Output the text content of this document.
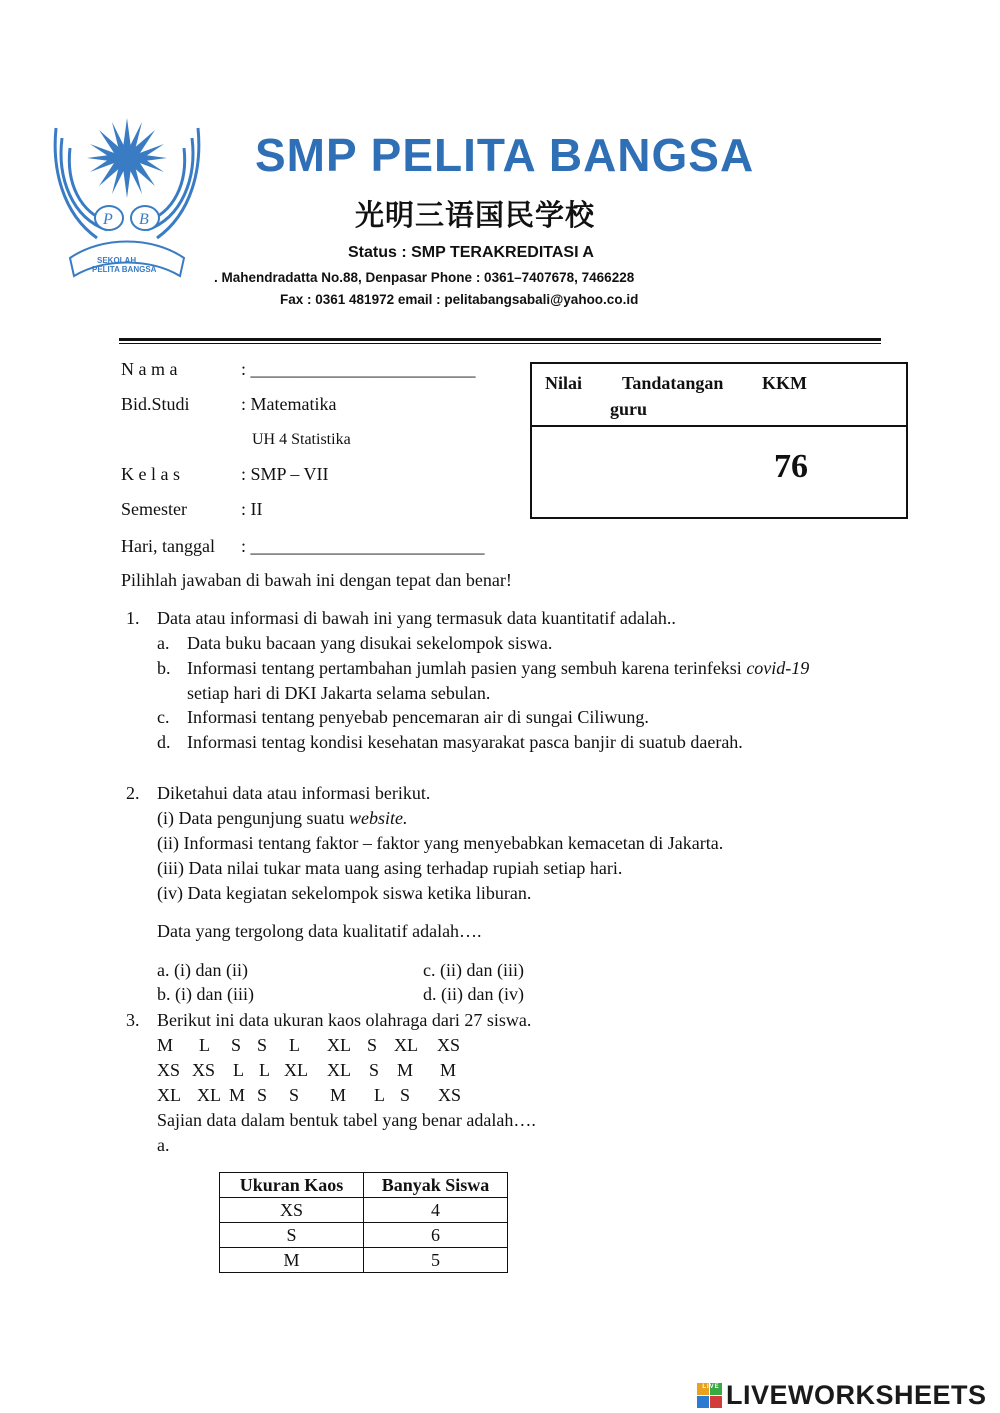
P B
SEKOLAH
PELITA BANGSA
SMP PELITA BANGSA
光明三语国民学校
Status : SMP TERAKREDITASI A
. Mahendradatta No.88, Denpasar Phone : 0361–7407678, 7466228
Fax : 0361 481972 email : pelitabangsabali@yahoo.co.id
N a m a	: _________________________
Bid.Studi	: Matematika
UH 4 Statistika
K e l a s	: SMP – VII
Semester	: II
Hari, tanggal : __________________________
Nilai Tandatangan
guru
KKM
76
Pilihlah jawaban di bawah ini dengan tepat dan benar!
1. Data atau informasi di bawah ini yang termasuk data kuantitatif adalah..
a. Data buku bacaan yang disukai sekelompok siswa.
b. Informasi tentang pertambahan jumlah pasien yang sembuh karena terinfeksi covid-19
setiap hari di DKI Jakarta selama sebulan.
c. Informasi tentang penyebab pencemaran air di sungai Ciliwung.
d. Informasi tentag kondisi kesehatan masyarakat pasca banjir di suatub daerah.
2. Diketahui data atau informasi berikut.
(i) Data pengunjung suatu website.
(ii) Informasi tentang faktor – faktor yang menyebabkan kemacetan di Jakarta.
(iii) Data nilai tukar mata uang asing terhadap rupiah setiap hari.
(iv) Data kegiatan sekelompok siswa ketika liburan.
Data yang tergolong data kualitatif adalah….
a. (i) dan (ii)	c. (ii) dan (iii)
b. (i) dan (iii)	d. (ii) dan (iv)
3. Berikut ini data ukuran kaos olahraga dari 27 siswa.
M L S S L XL S XL XS
XS XS L L XL XL S M M
XL XL M S S M L S XS
Sajian data dalam bentuk tabel yang benar adalah….
a.
Ukuran Kaos	Banyak Siswa
XS	4
S	6
M	5
LIVE LIVEWORKSHEETS
